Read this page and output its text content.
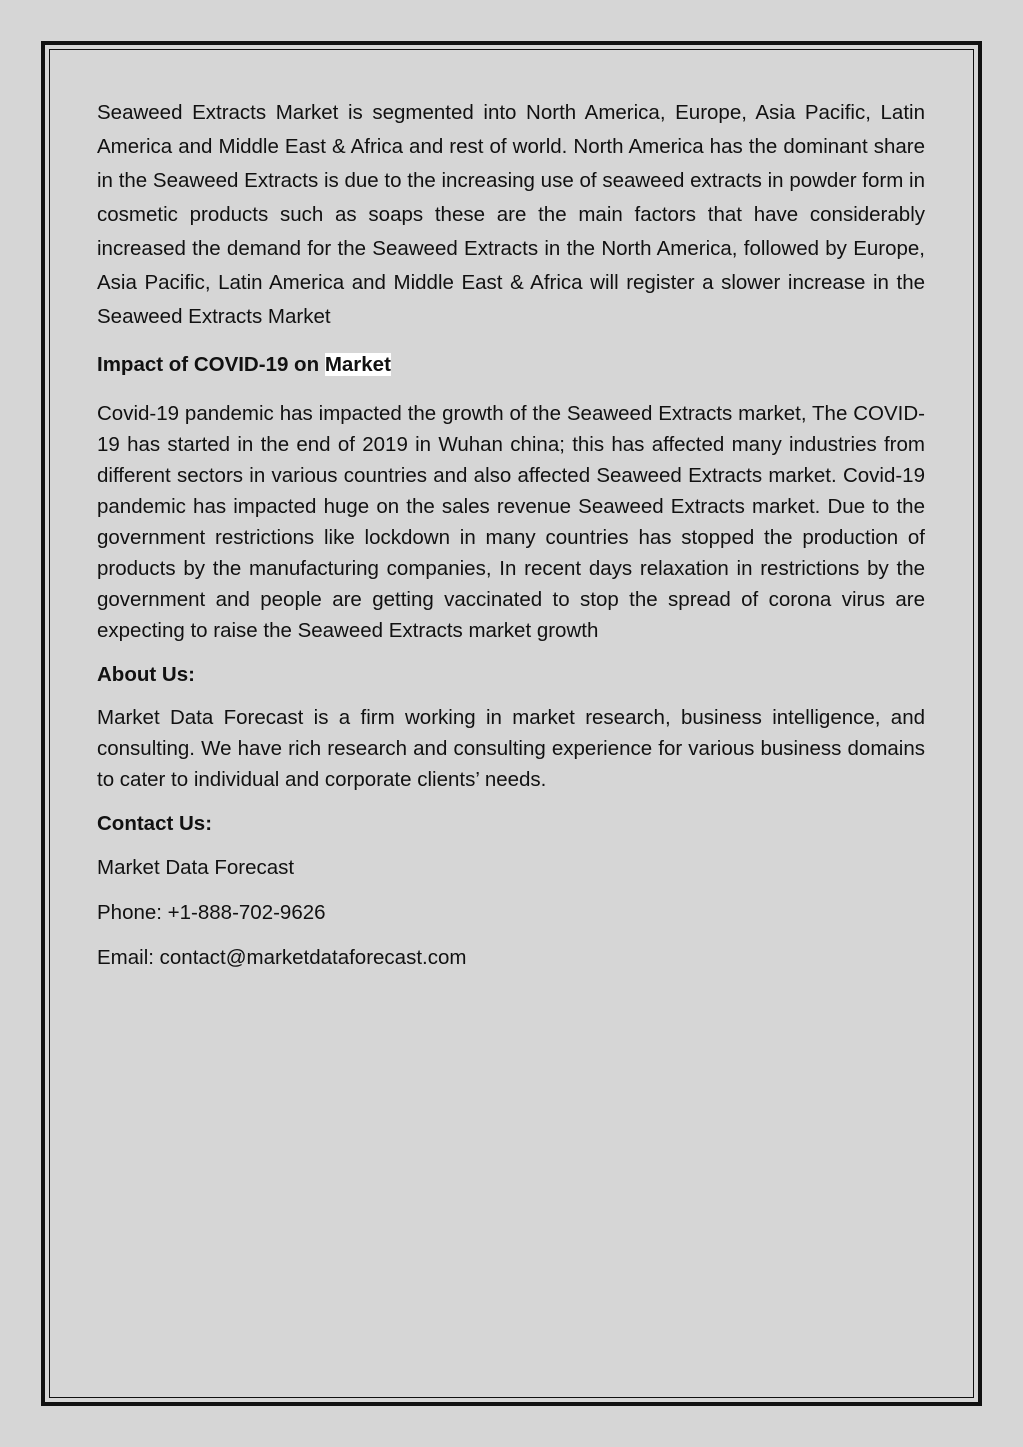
Seaweed Extracts Market is segmented into North America, Europe, Asia Pacific, Latin America and Middle East & Africa and rest of world. North America has the dominant share in the Seaweed Extracts is due to the increasing use of seaweed extracts in powder form in cosmetic products such as soaps these are the main factors that have considerably increased the demand for the Seaweed Extracts in the North America, followed by Europe, Asia Pacific, Latin America and Middle East & Africa will register a slower increase in the Seaweed Extracts Market

Impact of COVID-19 on Market

Covid-19 pandemic has impacted the growth of the Seaweed Extracts market, The COVID-19 has started in the end of 2019 in Wuhan china; this has affected many industries from different sectors in various countries and also affected Seaweed Extracts market. Covid-19 pandemic has impacted huge on the sales revenue Seaweed Extracts market. Due to the government restrictions like lockdown in many countries has stopped the production of products by the manufacturing companies, In recent days relaxation in restrictions by the government and people are getting vaccinated to stop the spread of corona virus are expecting to raise the Seaweed Extracts market growth

About Us:

Market Data Forecast is a firm working in market research, business intelligence, and consulting. We have rich research and consulting experience for various business domains to cater to individual and corporate clients’ needs.

Contact Us:

Market Data Forecast

Phone: +1-888-702-9626

Email: contact@marketdataforecast.com
